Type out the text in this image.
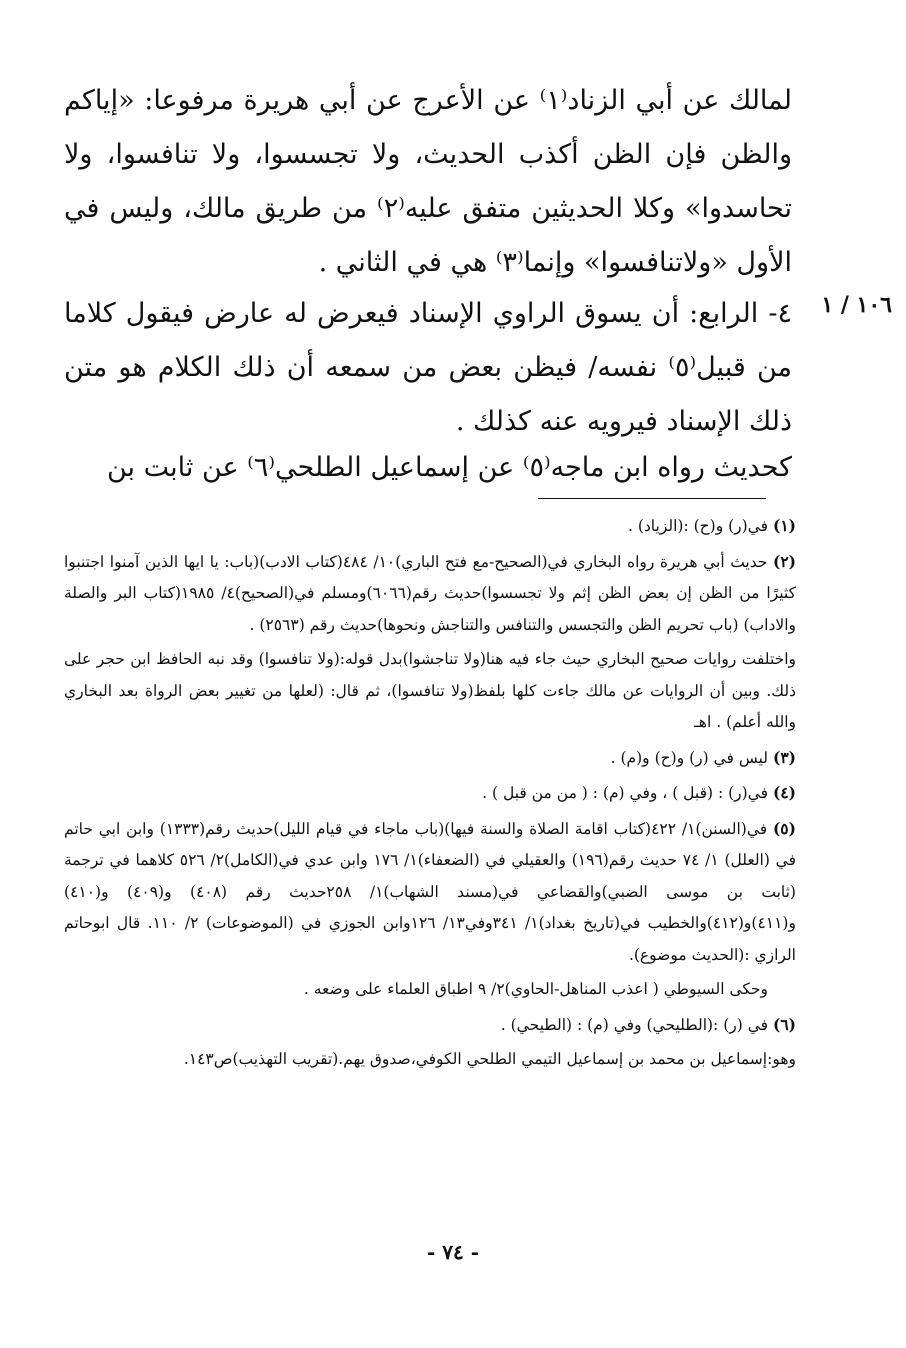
١٠٦ / ١

لمالك عن أبي الزناد⁽١⁾ عن الأعرج عن أبي هريرة مرفوعا: «إياكم والظن فإن الظن أكذب الحديث، ولا تجسسوا، ولا تنافسوا، ولا تحاسدوا» وكلا الحديثين متفق عليه⁽٢⁾ من طريق مالك، وليس في الأول «ولاتنافسوا» وإنما⁽٣⁾ هي في الثاني .

٤- الرابع: أن يسوق الراوي الإسناد فيعرض له عارض فيقول كلاما من قبيل⁽٥⁾ نفسه/ فيظن بعض من سمعه أن ذلك الكلام هو متن ذلك الإسناد فيرويه عنه كذلك .

كحديث رواه ابن ماجه⁽٥⁾ عن إسماعيل الطلحي⁽٦⁾ عن ثابت بن

(١) في(ر) و(ح) :(الزياد) .

(٢) حديث أبي هريرة رواه البخاري في(الصحيح-مع فتح الباري)١٠/ ٤٨٤(كتاب الادب)(باب: يا ايها الذين آمنوا اجتنبوا كثيرًا من الظن إن بعض الظن إثم ولا تجسسوا)حديث رقم(٦٠٦٦)ومسلم في(الصحيح)٤/ ١٩٨٥(كتاب البر والصلة والاداب) (باب تحريم الظن والتجسس والتنافس والتناجش ونحوها)حديث رقم (٢٥٦٣) .

واختلفت روايات صحيح البخاري حيث جاء فيه هنا(ولا تناجشوا)بدل قوله:(ولا تنافسوا) وقد نبه الحافظ ابن حجر على ذلك. وبين أن الروايات عن مالك جاءت كلها بلفظ(ولا تنافسوا)، ثم قال: (لعلها من تغيير بعض الرواة بعد البخاري والله أعلم) . اهـ

(٣) ليس في (ر) و(ح) و(م) .

(٤) في(ر) : (قبل ) ، وفي (م) : ( من من قبل ) .

(٥) في(السنن)١/ ٤٢٢(كتاب اقامة الصلاة والسنة فيها)(باب ماجاء في قيام الليل)حديث رقم(١٣٣٣) وابن ابي حاتم في (العلل) ١/ ٧٤ حديث رقم(١٩٦) والعقيلي في (الضعفاء)١/ ١٧٦ وابن عدي في(الكامل)٢/ ٥٢٦ كلاهما في ترجمة (ثابت بن موسى الضبي)والقضاعي في(مسند الشهاب)١/ ٢٥٨حديث رقم (٤٠٨) و(٤٠٩) و(٤١٠) و(٤١١)و(٤١٢)والخطيب في(تاريخ بغداد)١/ ٣٤١وفي١٣/ ١٢٦وابن الجوزي في (الموضوعات) ٢/ ١١٠. قال ابوحاتم الرازي :(الحديث موضوع).

وحكى السيوطي ( اعذب المناهل-الحاوي)٢/ ٩ اطباق العلماء على وضعه .

(٦) في (ر) :(الطليحي) وفي (م) : (الطيحي) .

وهو:إسماعيل بن محمد بن إسماعيل التيمي الطلحي الكوفي،صدوق يهم.(تقريب التهذيب)ص١٤٣.

- ٧٤ -
